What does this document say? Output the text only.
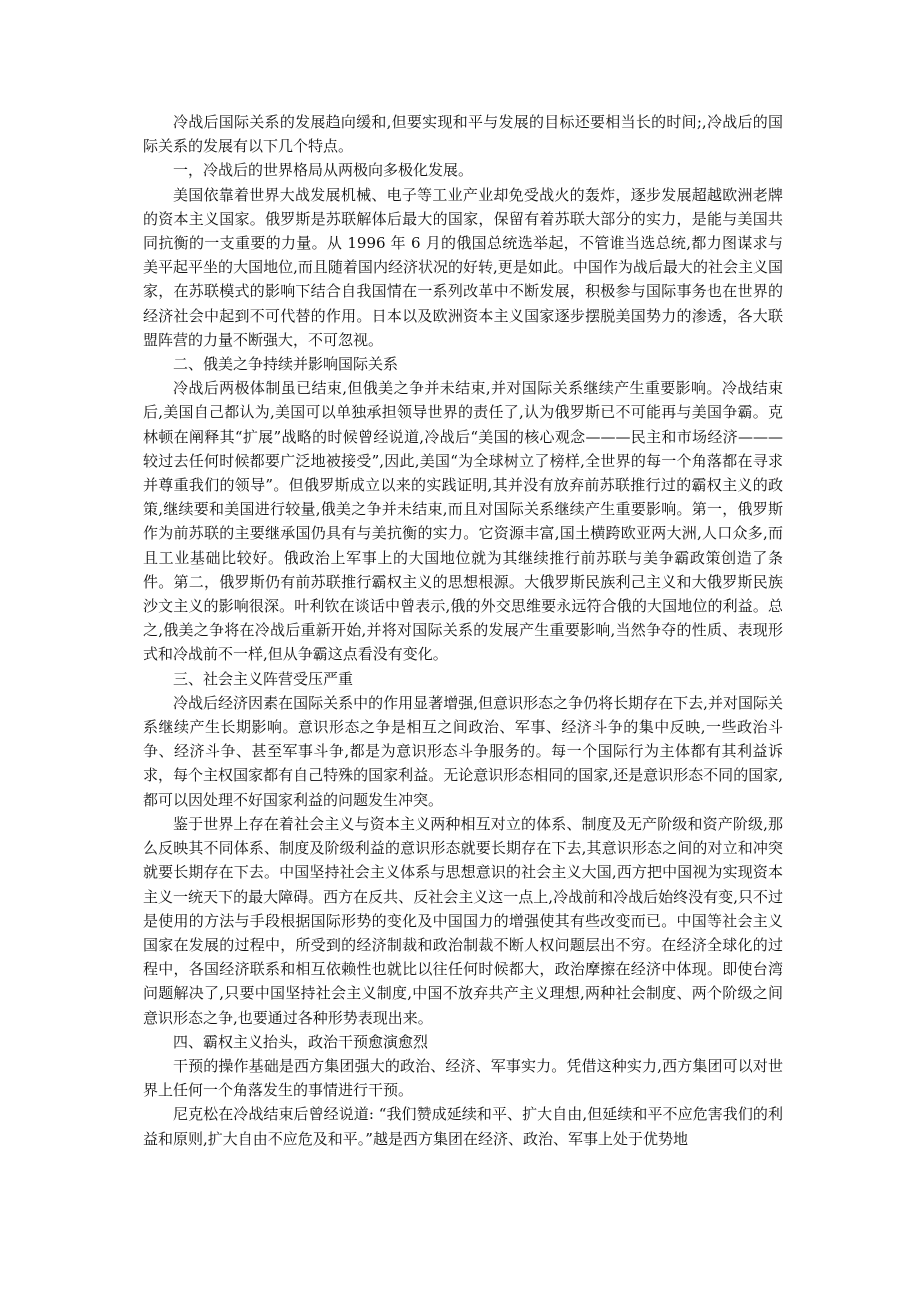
冷战后国际关系的发展趋向缓和,但要实现和平与发展的目标还要相当长的时间;,冷战后的国际关系的发展有以下几个特点。

一，冷战后的世界格局从两极向多极化发展。

美国依靠着世界大战发展机械、电子等工业产业却免受战火的轰炸，逐步发展超越欧洲老牌的资本主义国家。俄罗斯是苏联解体后最大的国家，保留有着苏联大部分的实力，是能与美国共同抗衡的一支重要的力量。从 1996 年 6 月的俄国总统选举起，不管谁当选总统,都力图谋求与美平起平坐的大国地位,而且随着国内经济状况的好转,更是如此。中国作为战后最大的社会主义国家，在苏联模式的影响下结合自我国情在一系列改革中不断发展，积极参与国际事务也在世界的经济社会中起到不可代替的作用。日本以及欧洲资本主义国家逐步摆脱美国势力的渗透，各大联盟阵营的力量不断强大，不可忽视。

二、俄美之争持续并影响国际关系

冷战后两极体制虽已结束,但俄美之争并未结束,并对国际关系继续产生重要影响。冷战结束后,美国自己都认为,美国可以单独承担领导世界的责任了,认为俄罗斯已不可能再与美国争霸。克林顿在阐释其“扩展”战略的时候曾经说道,冷战后“美国的核心观念———民主和市场经济———较过去任何时候都要广泛地被接受”,因此,美国“为全球树立了榜样,全世界的每一个角落都在寻求并尊重我们的领导”。但俄罗斯成立以来的实践证明,其并没有放弃前苏联推行过的霸权主义的政策,继续要和美国进行较量,俄美之争并未结束,而且对国际关系继续产生重要影响。第一，俄罗斯作为前苏联的主要继承国仍具有与美抗衡的实力。它资源丰富,国土横跨欧亚两大洲,人口众多,而且工业基础比较好。俄政治上军事上的大国地位就为其继续推行前苏联与美争霸政策创造了条件。第二，俄罗斯仍有前苏联推行霸权主义的思想根源。大俄罗斯民族利己主义和大俄罗斯民族沙文主义的影响很深。叶利钦在谈话中曾表示,俄的外交思维要永远符合俄的大国地位的利益。总之,俄美之争将在冷战后重新开始,并将对国际关系的发展产生重要影响,当然争夺的性质、表现形式和冷战前不一样,但从争霸这点看没有变化。

三、社会主义阵营受压严重

冷战后经济因素在国际关系中的作用显著增强,但意识形态之争仍将长期存在下去,并对国际关系继续产生长期影响。意识形态之争是相互之间政治、军事、经济斗争的集中反映,一些政治斗争、经济斗争、甚至军事斗争,都是为意识形态斗争服务的。每一个国际行为主体都有其利益诉求，每个主权国家都有自己特殊的国家利益。无论意识形态相同的国家,还是意识形态不同的国家,都可以因处理不好国家利益的问题发生冲突。

鉴于世界上存在着社会主义与资本主义两种相互对立的体系、制度及无产阶级和资产阶级,那么反映其不同体系、制度及阶级利益的意识形态就要长期存在下去,其意识形态之间的对立和冲突就要长期存在下去。中国坚持社会主义体系与思想意识的社会主义大国,西方把中国视为实现资本主义一统天下的最大障碍。西方在反共、反社会主义这一点上,冷战前和冷战后始终没有变,只不过是使用的方法与手段根据国际形势的变化及中国国力的增强使其有些改变而已。中国等社会主义国家在发展的过程中，所受到的经济制裁和政治制裁不断人权问题层出不穷。在经济全球化的过程中，各国经济联系和相互依赖性也就比以往任何时候都大，政治摩擦在经济中体现。即使台湾问题解决了,只要中国坚持社会主义制度,中国不放弃共产主义理想,两种社会制度、两个阶级之间意识形态之争,也要通过各种形势表现出来。

四、霸权主义抬头，政治干预愈演愈烈

干预的操作基础是西方集团强大的政治、经济、军事实力。凭借这种实力,西方集团可以对世界上任何一个角落发生的事情进行干预。

尼克松在冷战结束后曾经说道: “我们赞成延续和平、扩大自由,但延续和平不应危害我们的利益和原则,扩大自由不应危及和平。”越是西方集团在经济、政治、军事上处于优势地
